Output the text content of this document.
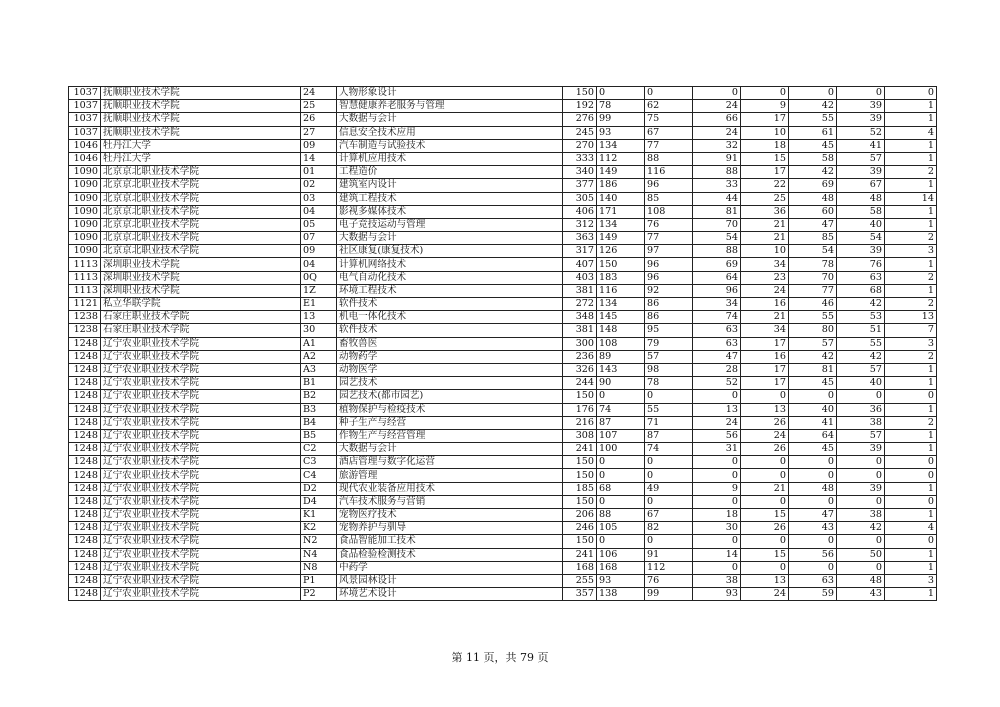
1037	抚顺职业技术学院	24	人物形象设计	150	0	0	0	0	0	0	0
1037	抚顺职业技术学院	25	智慧健康养老服务与管理	192	78	62	24	9	42	39	1
1037	抚顺职业技术学院	26	大数据与会计	276	99	75	66	17	55	39	1
1037	抚顺职业技术学院	27	信息安全技术应用	245	93	67	24	10	61	52	4
1046	牡丹江大学	09	汽车制造与试验技术	270	134	77	32	18	45	41	1
1046	牡丹江大学	14	计算机应用技术	333	112	88	91	15	58	57	1
1090	北京京北职业技术学院	01	工程造价	340	149	116	88	17	42	39	2
1090	北京京北职业技术学院	02	建筑室内设计	377	186	96	33	22	69	67	1
1090	北京京北职业技术学院	03	建筑工程技术	305	140	85	44	25	48	48	14
1090	北京京北职业技术学院	04	影视多媒体技术	406	171	108	81	36	60	58	1
1090	北京京北职业技术学院	05	电子竞技运动与管理	312	134	76	70	21	47	40	1
1090	北京京北职业技术学院	07	大数据与会计	363	149	77	54	21	85	54	2
1090	北京京北职业技术学院	09	社区康复(康复技术)	317	126	97	88	10	54	39	3
1113	深圳职业技术学院	04	计算机网络技术	407	150	96	69	34	78	76	1
1113	深圳职业技术学院	0Q	电气自动化技术	403	183	96	64	23	70	63	2
1113	深圳职业技术学院	1Z	环境工程技术	381	116	92	96	24	77	68	1
1121	私立华联学院	E1	软件技术	272	134	86	34	16	46	42	2
1238	石家庄职业技术学院	13	机电一体化技术	348	145	86	74	21	55	53	13
1238	石家庄职业技术学院	30	软件技术	381	148	95	63	34	80	51	7
1248	辽宁农业职业技术学院	A1	畜牧兽医	300	108	79	63	17	57	55	3
1248	辽宁农业职业技术学院	A2	动物药学	236	89	57	47	16	42	42	2
1248	辽宁农业职业技术学院	A3	动物医学	326	143	98	28	17	81	57	1
1248	辽宁农业职业技术学院	B1	园艺技术	244	90	78	52	17	45	40	1
1248	辽宁农业职业技术学院	B2	园艺技术(都市园艺)	150	0	0	0	0	0	0	0
1248	辽宁农业职业技术学院	B3	植物保护与检疫技术	176	74	55	13	13	40	36	1
1248	辽宁农业职业技术学院	B4	种子生产与经营	216	87	71	24	26	41	38	2
1248	辽宁农业职业技术学院	B5	作物生产与经营管理	308	107	87	56	24	64	57	1
1248	辽宁农业职业技术学院	C2	大数据与会计	241	100	74	31	26	45	39	1
1248	辽宁农业职业技术学院	C3	酒店管理与数字化运营	150	0	0	0	0	0	0	0
1248	辽宁农业职业技术学院	C4	旅游管理	150	0	0	0	0	0	0	0
1248	辽宁农业职业技术学院	D2	现代农业装备应用技术	185	68	49	9	21	48	39	1
1248	辽宁农业职业技术学院	D4	汽车技术服务与营销	150	0	0	0	0	0	0	0
1248	辽宁农业职业技术学院	K1	宠物医疗技术	206	88	67	18	15	47	38	1
1248	辽宁农业职业技术学院	K2	宠物养护与驯导	246	105	82	30	26	43	42	4
1248	辽宁农业职业技术学院	N2	食品智能加工技术	150	0	0	0	0	0	0	0
1248	辽宁农业职业技术学院	N4	食品检验检测技术	241	106	91	14	15	56	50	1
1248	辽宁农业职业技术学院	N8	中药学	168	168	112	0	0	0	0	1
1248	辽宁农业职业技术学院	P1	风景园林设计	255	93	76	38	13	63	48	3
1248	辽宁农业职业技术学院	P2	环境艺术设计	357	138	99	93	24	59	43	1
第 11 页，共 79 页
